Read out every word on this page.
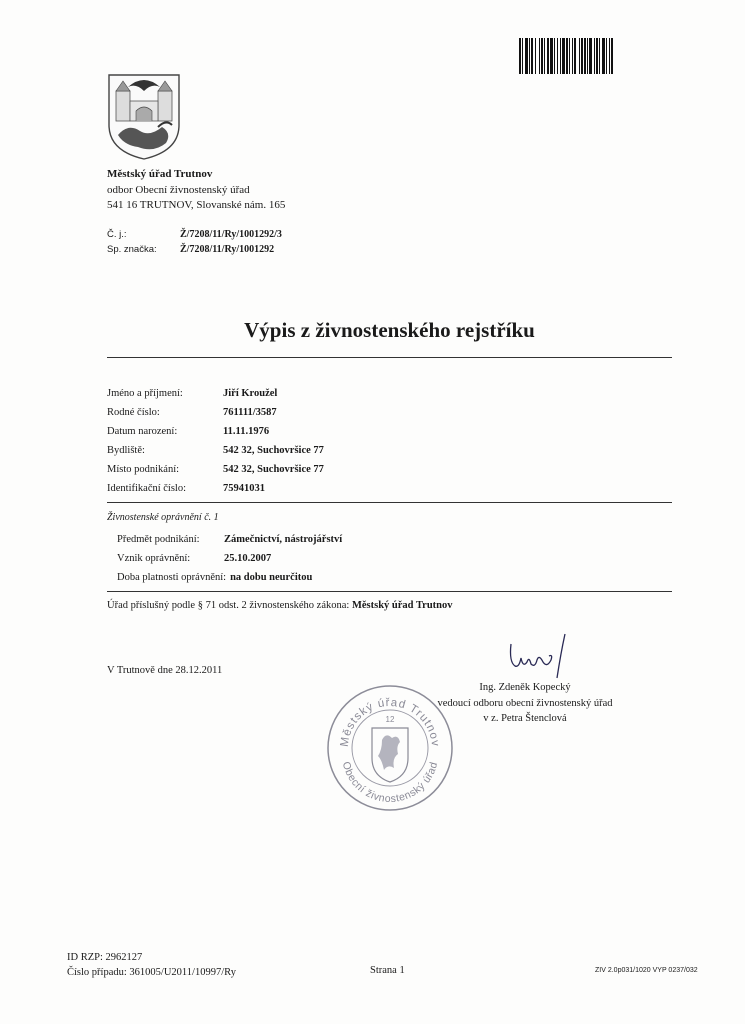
Městský úřad Trutnov
odbor Obecní živnostenský úřad
541 16 TRUTNOV, Slovanské nám. 165
Č. j.:	Ž/7208/11/Ry/1001292/3
Sp. značka:	Ž/7208/11/Ry/1001292
Výpis z živnostenského rejstříku
Jméno a příjmení:	Jiří Kroužel
Rodné číslo:	761111/3587
Datum narození:	11.11.1976
Bydliště:	542 32, Suchovršice 77
Místo podnikání:	542 32, Suchovršice 77
Identifikační číslo:	75941031
Živnostenské oprávnění č. 1
Předmět podnikání:	Zámečnictví, nástrojářství
Vznik oprávnění:	25.10.2007
Doba platnosti oprávnění: na dobu neurčitou
Úřad příslušný podle § 71 odst. 2 živnostenského zákona: Městský úřad Trutnov
V Trutnově dne 28.12.2011
Městský úřad Trutnov
Obecní živnostenský úřad
12
Ing. Zdeněk Kopecký
vedoucí odboru obecní živnostenský úřad
v z. Petra Štenclová
ID RZP: 2962127
Číslo případu: 361005/U2011/10997/Ry	Strana 1	ZIV 2.0p031/1020 VYP 0237/032
